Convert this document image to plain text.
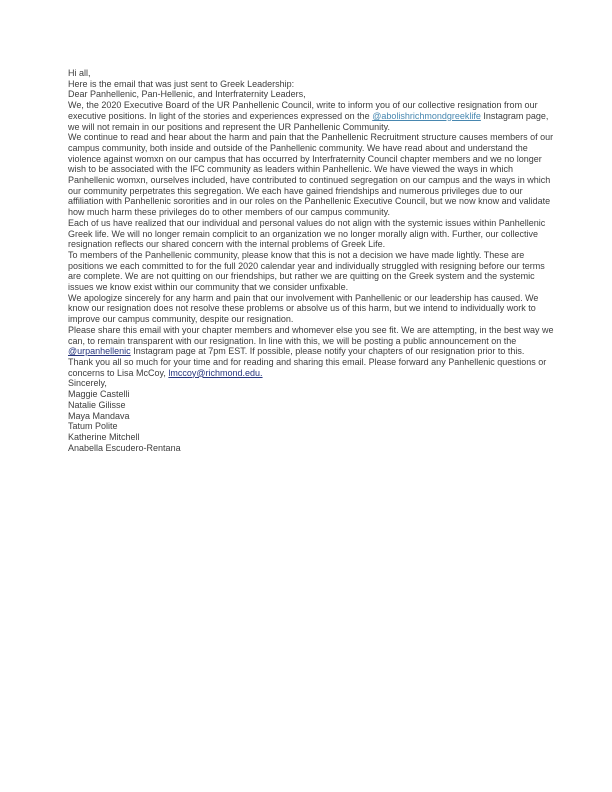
Hi all,

Here is the email that was just sent to Greek Leadership:

Dear Panhellenic, Pan-Hellenic, and Interfraternity Leaders,

We, the 2020 Executive Board of the UR Panhellenic Council, write to inform you of our collective resignation from our executive positions. In light of the stories and experiences expressed on the @abolishrichmondgreeklife Instagram page, we will not remain in our positions and represent the UR Panhellenic Community.

We continue to read and hear about the harm and pain that the Panhellenic Recruitment structure causes members of our campus community, both inside and outside of the Panhellenic community. We have read about and understand the violence against womxn on our campus that has occurred by Interfraternity Council chapter members and we no longer wish to be associated with the IFC community as leaders within Panhellenic. We have viewed the ways in which Panhellenic womxn, ourselves included, have contributed to continued segregation on our campus and the ways in which our community perpetrates this segregation. We each have gained friendships and numerous privileges due to our affiliation with Panhellenic sororities and in our roles on the Panhellenic Executive Council, but we now know and validate how much harm these privileges do to other members of our campus community.

Each of us have realized that our individual and personal values do not align with the systemic issues within Panhellenic Greek life. We will no longer remain complicit to an organization we no longer morally align with. Further, our collective resignation reflects our shared concern with the internal problems of Greek Life.

To members of the Panhellenic community, please know that this is not a decision we have made lightly. These are positions we each committed to for the full 2020 calendar year and individually struggled with resigning before our terms are complete. We are not quitting on our friendships, but rather we are quitting on the Greek system and the systemic issues we know exist within our community that we consider unfixable.

We apologize sincerely for any harm and pain that our involvement with Panhellenic or our leadership has caused. We know our resignation does not resolve these problems or absolve us of this harm, but we intend to individually work to improve our campus community, despite our resignation.

Please share this email with your chapter members and whomever else you see fit. We are attempting, in the best way we can, to remain transparent with our resignation. In line with this, we will be posting a public announcement on the @urpanhellenic Instagram page at 7pm EST. If possible, please notify your chapters of our resignation prior to this.

Thank you all so much for your time and for reading and sharing this email. Please forward any Panhellenic questions or concerns to Lisa McCoy, lmccoy@richmond.edu.

Sincerely,

Maggie Castelli

Natalie Gilisse

Maya Mandava

Tatum Polite

Katherine Mitchell

Anabella Escudero-Rentana
